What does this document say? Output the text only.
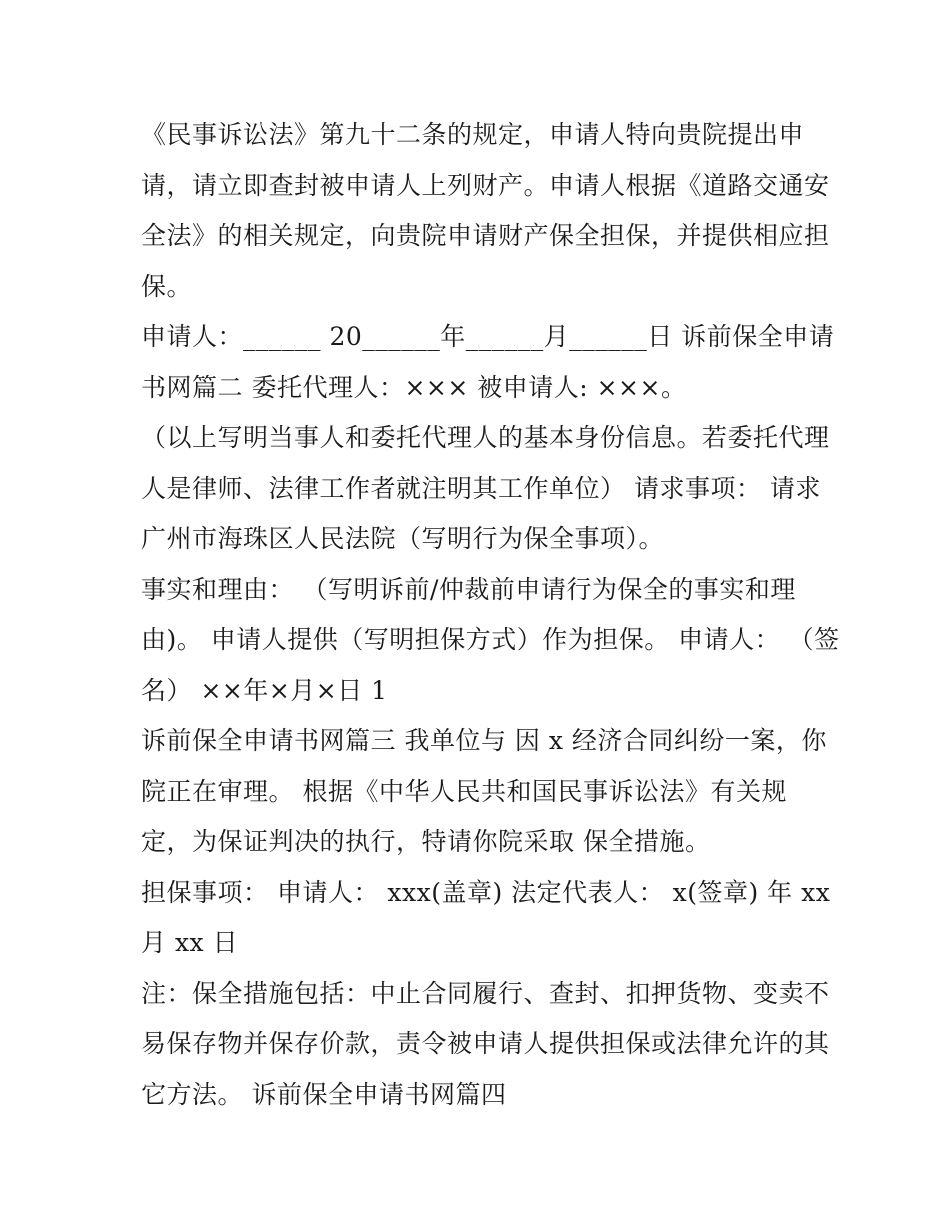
《民事诉讼法》第九十二条的规定，申请人特向贵院提出申
请，请立即查封被申请人上列财产。申请人根据《道路交通安
全法》的相关规定，向贵院申请财产保全担保，并提供相应担
保。

申请人：______ 20______年______月______日 诉前保全申请
书网篇二 委托代理人：××× 被申请人: ×××。

（以上写明当事人和委托代理人的基本身份信息。若委托代理
人是律师、法律工作者就注明其工作单位） 请求事项： 请求
广州市海珠区人民法院（写明行为保全事项）。

事实和理由： （写明诉前/仲裁前申请行为保全的事实和理
由)。 申请人提供（写明担保方式）作为担保。 申请人： （签
名） ××年×月×日 1

诉前保全申请书网篇三 我单位与 因 x 经济合同纠纷一案，你
院正在审理。 根据《中华人民共和国民事诉讼法》有关规
定，为保证判决的执行，特请你院采取 保全措施。

担保事项： 申请人： xxx(盖章) 法定代表人： x(签章) 年 xx
月 xx 日

注：保全措施包括：中止合同履行、查封、扣押货物、变卖不
易保存物并保存价款，责令被申请人提供担保或法律允许的其
它方法。 诉前保全申请书网篇四
